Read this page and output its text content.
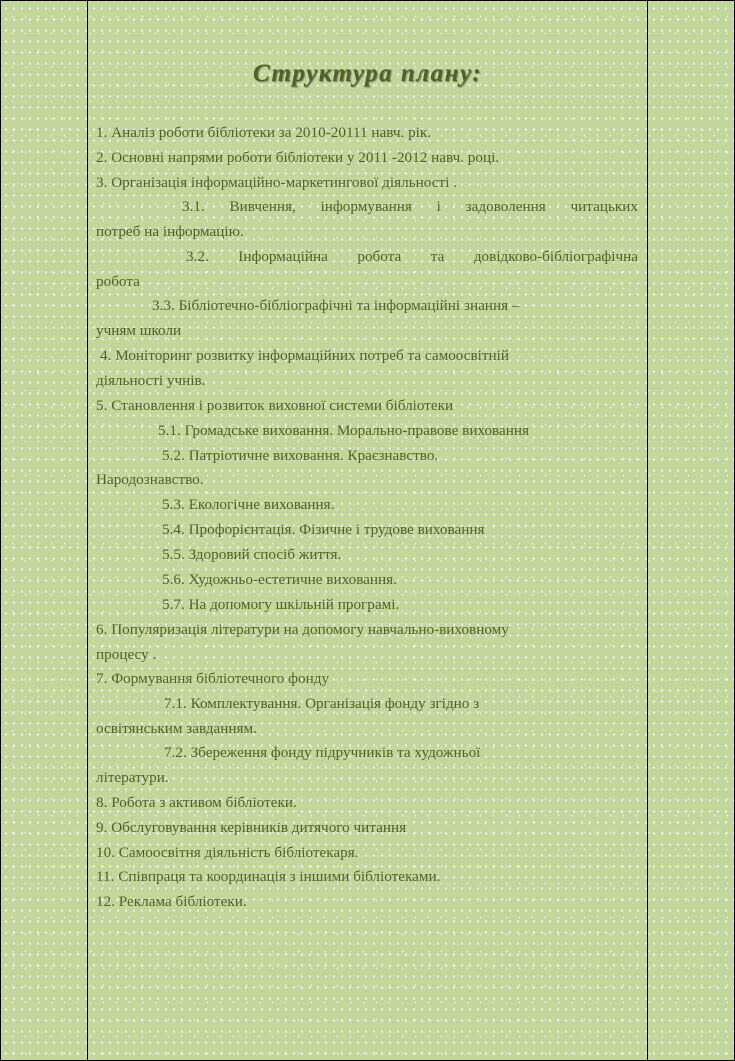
Структура плану:

1. Аналіз роботи бібліотеки за 2010-20111 навч. рік.

2. Основні напрями роботи бібліотеки у 2011 -2012 навч. році.

3. Організація інформаційно-маркетингової діяльності .

3.1. Вивчення, інформування і задоволення читацьких

потреб на інформацію.

3.2. Інформаційна робота та довідково-бібліографічна

робота

3.3. Бібліотечно-бібліографічні та інформаційні знання –

учням школи

4. Моніторинг розвитку інформаційних потреб та самоосвітній

діяльності учнів.

5. Становлення і розвиток виховної системи бібліотеки

5.1. Громадське виховання. Морально-правове виховання

5.2. Патріотичне виховання. Краєзнавство.

Народознавство.

5.3. Екологічне виховання.

5.4. Профорієнтація. Фізичне і трудове виховання

5.5. Здоровий спосіб життя.

5.6. Художньо-естетичне виховання.

5.7. На допомогу шкільній програмі.

6. Популяризація літератури на допомогу навчально-виховному

процесу .

7. Формування бібліотечного фонду

7.1. Комплектування. Організація фонду згідно з

освітянським завданням.

7.2. Збереження фонду підручників та художньої

літератури.

8. Робота з активом бібліотеки.

9. Обслуговування керівників дитячого читання

10. Самоосвітня діяльність бібліотекаря.

11. Співпраця та координація з іншими бібліотеками.

12. Реклама бібліотеки.
